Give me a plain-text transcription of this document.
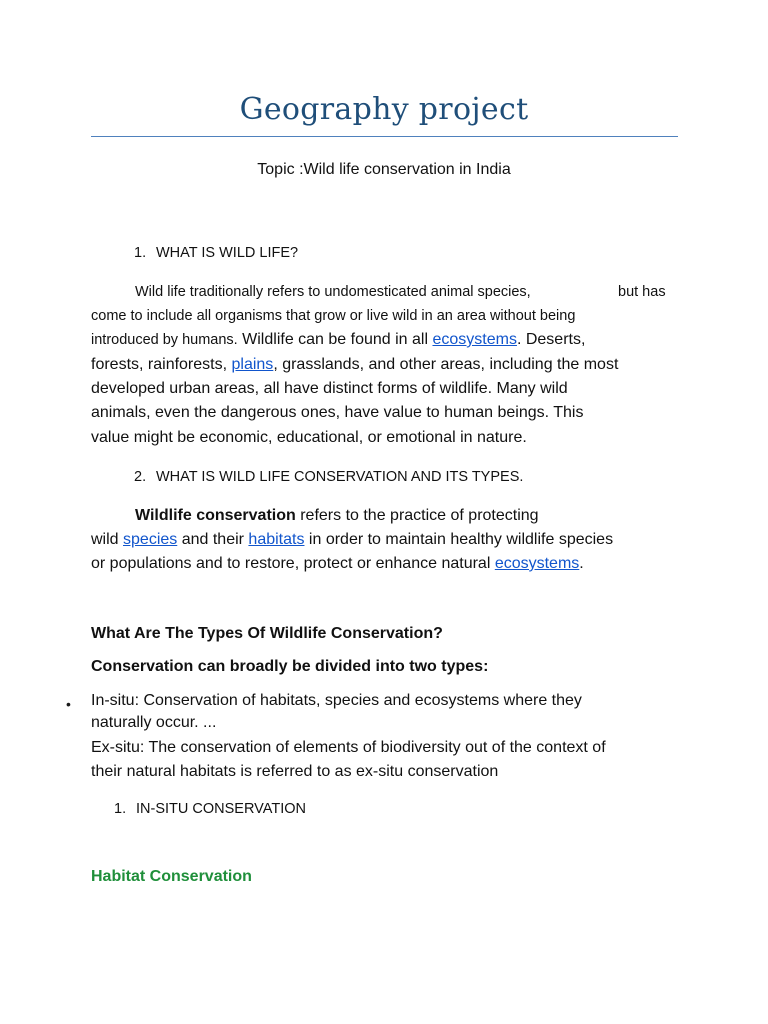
Geography project
Topic :Wild life conservation in India
1. WHAT IS WILD LIFE?
Wild life traditionally refers to undomesticated animal species,	but has
come to include all organisms that grow or live wild in an area without being
introduced by humans. Wildlife can be found in all ecosystems. Deserts,
forests, rainforests, plains, grasslands, and other areas, including the most
developed urban areas, all have distinct forms of wildlife. Many wild
animals, even the dangerous ones, have value to human beings. This
value might be economic, educational, or emotional in nature.
2. WHAT IS WILD LIFE CONSERVATION AND ITS TYPES.
Wildlife conservation refers to the practice of protecting
wild species and their habitats in order to maintain healthy wildlife species
or populations and to restore, protect or enhance natural ecosystems.
What Are The Types Of Wildlife Conservation?
Conservation can broadly be divided into two types:
• In-situ: Conservation of habitats, species and ecosystems where they
naturally occur. ...
Ex-situ: The conservation of elements of biodiversity out of the context of
their natural habitats is referred to as ex-situ conservation
1. IN-SITU CONSERVATION
Habitat Conservation
